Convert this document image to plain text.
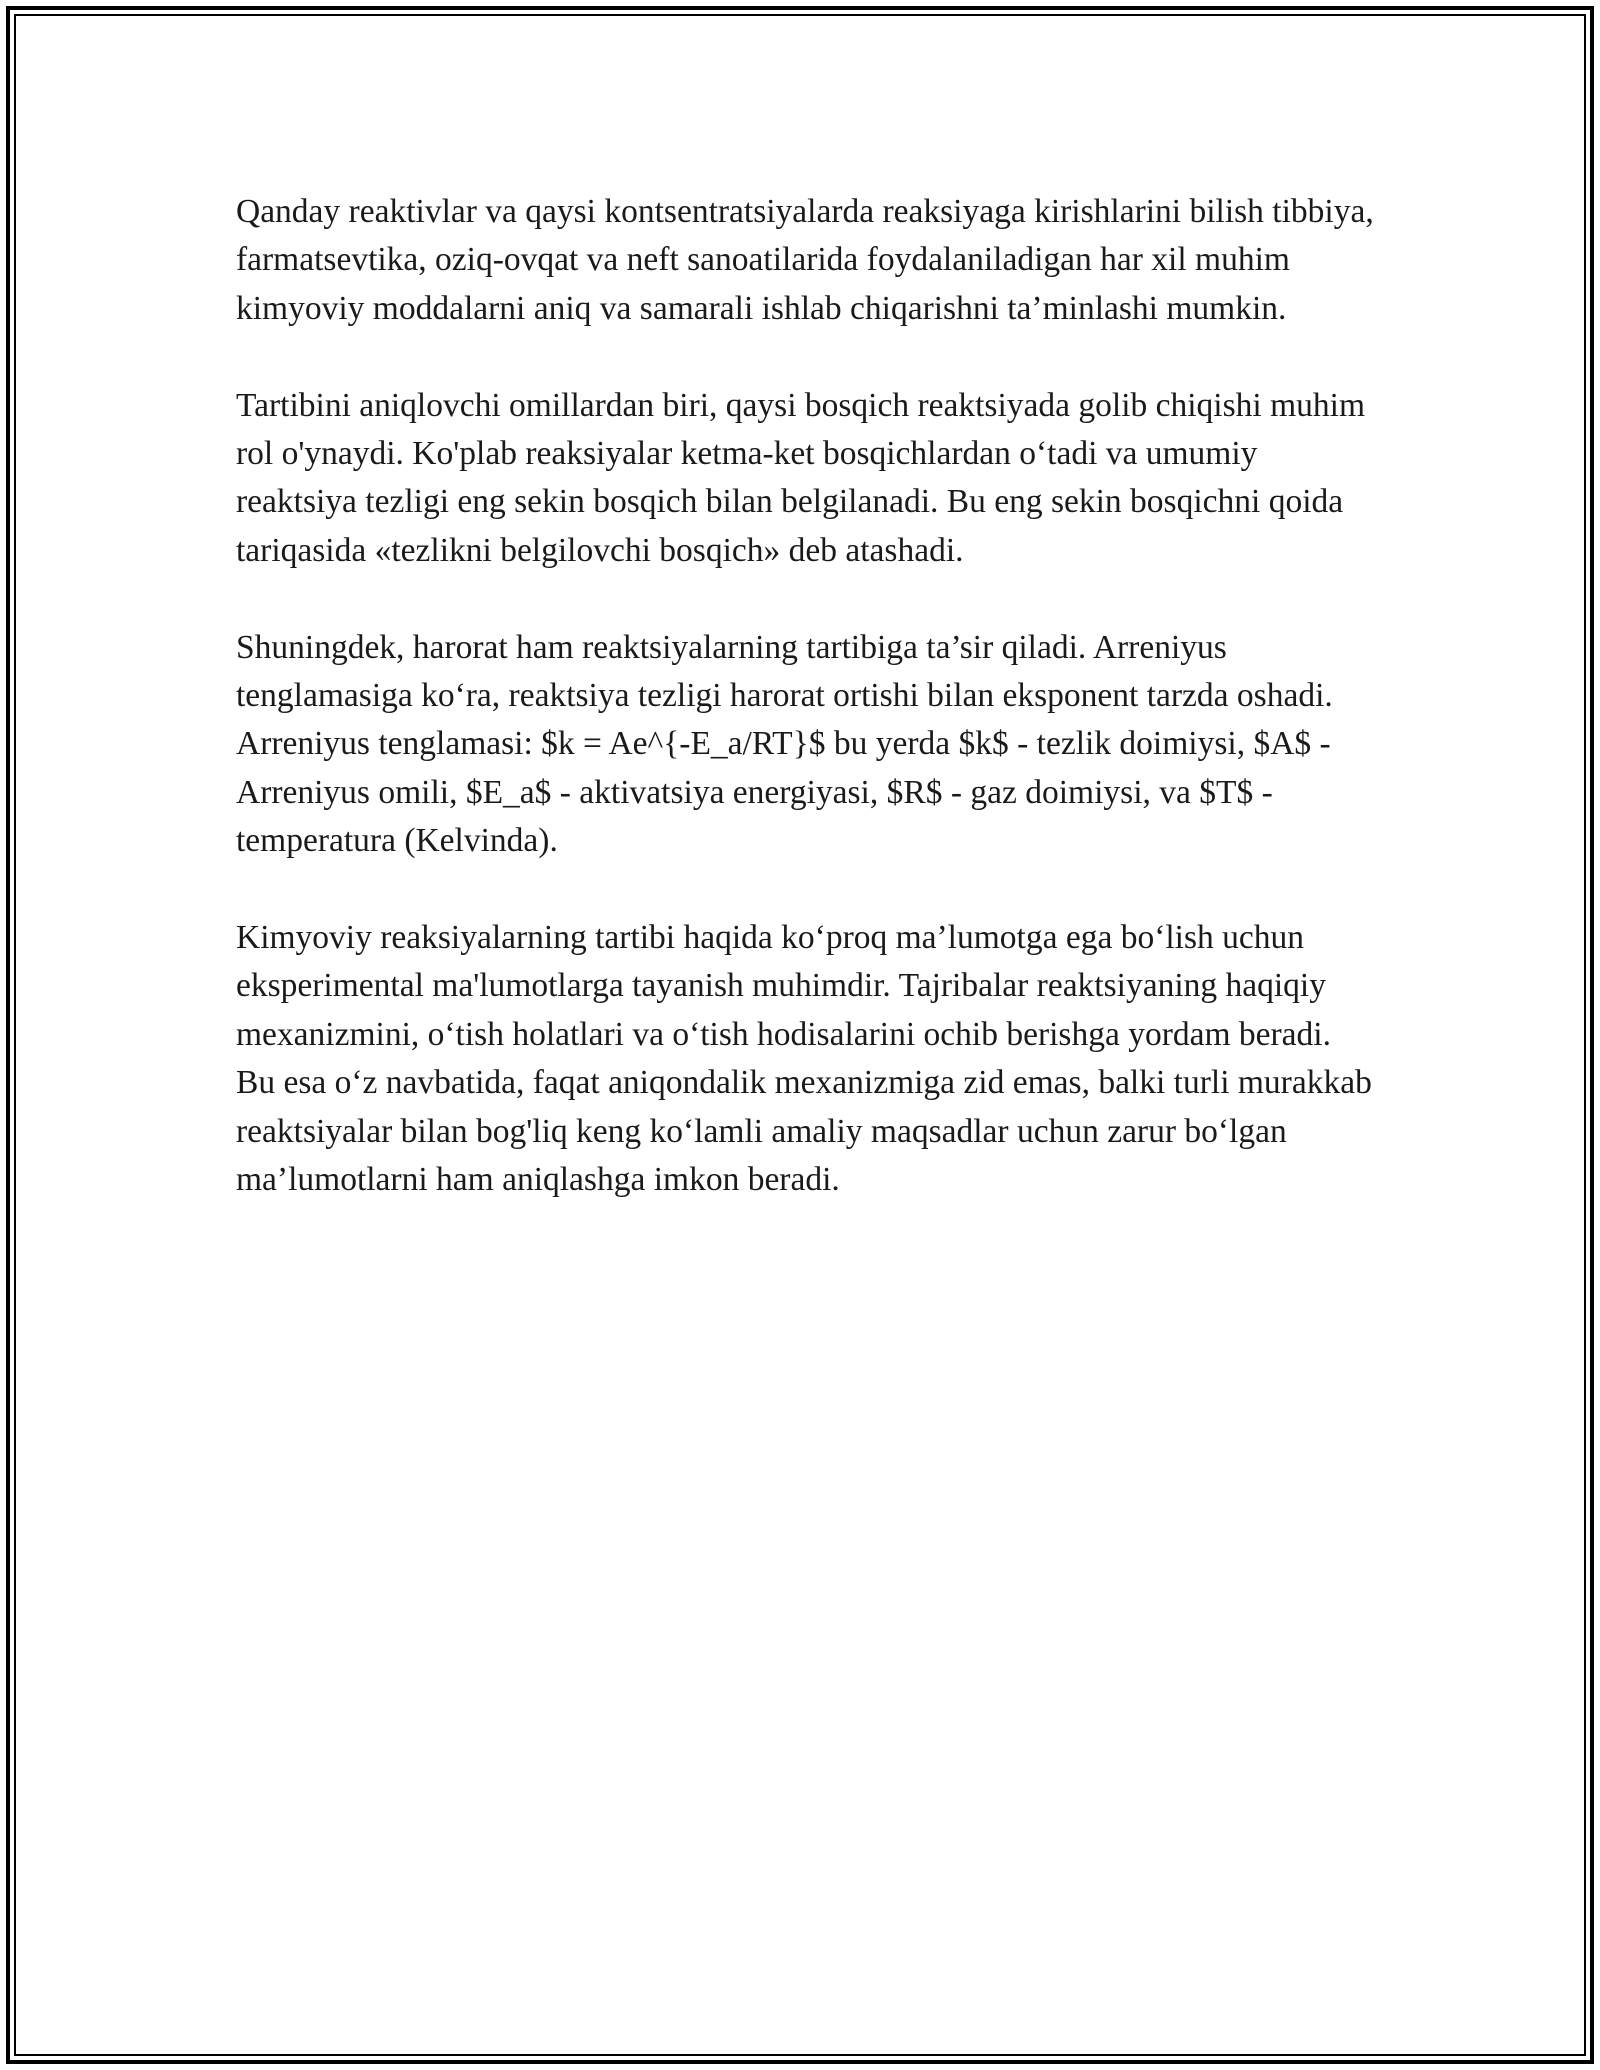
Qanday reaktivlar va qaysi kontsentratsiyalarda reaksiyaga kirishlarini bilish tibbiya, farmatsevtika, oziq-ovqat va neft sanoatilarida foydalaniladigan har xil muhim kimyoviy moddalarni aniq va samarali ishlab chiqarishni ta’minlashi mumkin.

Tartibini aniqlovchi omillardan biri, qaysi bosqich reaktsiyada golib chiqishi muhim rol o'ynaydi. Ko'plab reaksiyalar ketma-ket bosqichlardan o‘tadi va umumiy reaktsiya tezligi eng sekin bosqich bilan belgilanadi. Bu eng sekin bosqichni qoida tariqasida «tezlikni belgilovchi bosqich» deb atashadi.

Shuningdek, harorat ham reaktsiyalarning tartibiga ta’sir qiladi. Arreniyus tenglamasiga ko‘ra, reaktsiya tezligi harorat ortishi bilan eksponent tarzda oshadi. Arreniyus tenglamasi: $k = Ae^{-E_a/RT}$ bu yerda $k$ - tezlik doimiysi, $A$ - Arreniyus omili, $E_a$ - aktivatsiya energiyasi, $R$ - gaz doimiysi, va $T$ - temperatura (Kelvinda).

Kimyoviy reaksiyalarning tartibi haqida ko‘proq ma’lumotga ega bo‘lish uchun eksperimental ma'lumotlarga tayanish muhimdir. Tajribalar reaktsiyaning haqiqiy mexanizmini, o‘tish holatlari va o‘tish hodisalarini ochib berishga yordam beradi. Bu esa o‘z navbatida, faqat aniqondalik mexanizmiga zid emas, balki turli murakkab reaktsiyalar bilan bog'liq keng ko‘lamli amaliy maqsadlar uchun zarur bo‘lgan ma’lumotlarni ham aniqlashga imkon beradi.
